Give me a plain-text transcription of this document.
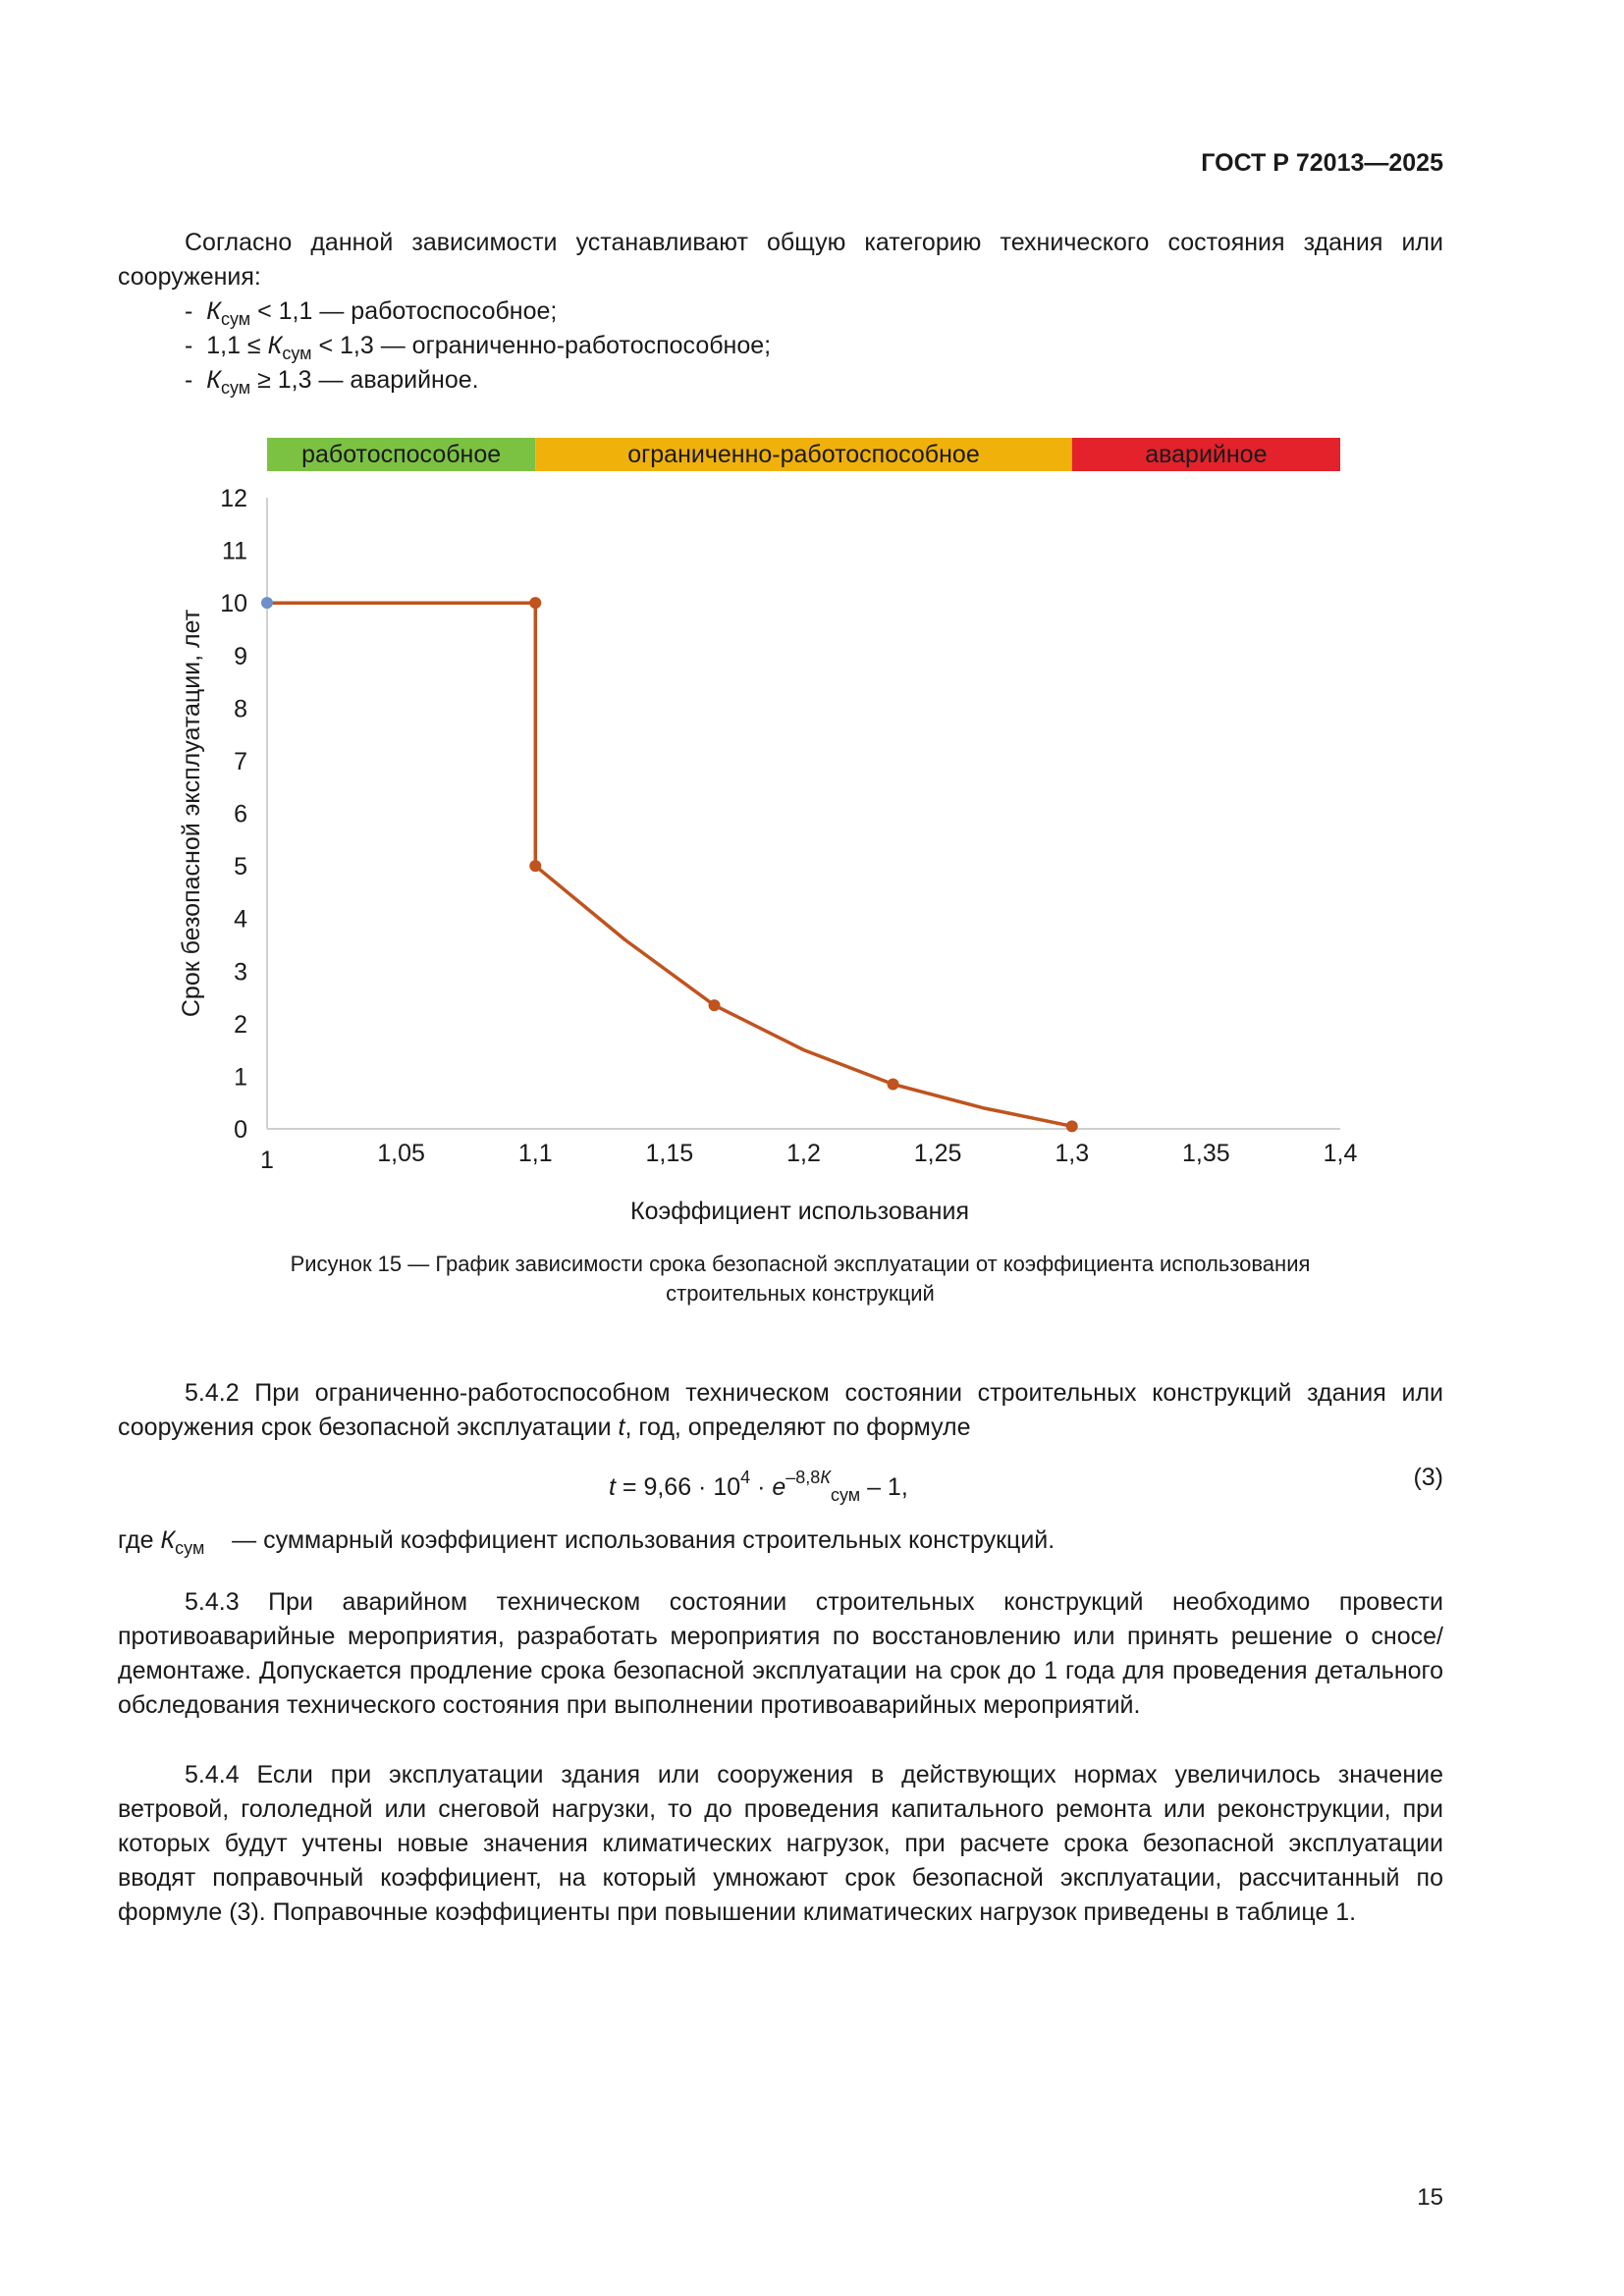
ГОСТ Р 72013—2025
Согласно данной зависимости устанавливают общую категорию технического состояния здания или сооружения:
- $К_{сум} < 1,1$ — работоспособное;
- $1,1 \le К_{сум} < 1,3$ — ограниченно-работоспособное;
- $К_{сум} \ge 1,3$ — аварийное.
работоспособное	ограниченно-работоспособное	аварийное
0
1
2
3
4
5
6
7
8
9
10
11
12
1	1,05	1,1	1,15	1,2	1,25	1,3	1,35	1,4
Коэффициент использования
Срок безопасной эксплуатации, лет
Рисунок 15 — График зависимости срока безопасной эксплуатации от коэффициента использования
строительных конструкций
5.4.2 При ограниченно-работоспособном техническом состоянии строительных конструкций здания или сооружения срок безопасной эксплуатации t, год, определяют по формуле
$t = 9,66 \cdot 10^4 \cdot e^{-8,8К}_{сум} - 1$,	(3)
где $К_{сум}$    — суммарный коэффициент использования строительных конструкций.
5.4.3 При аварийном техническом состоянии строительных конструкций необходимо провести противоаварийные мероприятия, разработать мероприятия по восстановлению или принять решение о сносе/демонтаже. Допускается продление срока безопасной эксплуатации на срок до 1 года для проведения детального обследования технического состояния при выполнении противоаварийных мероприятий.
5.4.4 Если при эксплуатации здания или сооружения в действующих нормах увеличилось значение ветровой, гололедной или снеговой нагрузки, то до проведения капитального ремонта или реконструкции, при которых будут учтены новые значения климатических нагрузок, при расчете срока безопасной эксплуатации вводят поправочный коэффициент, на который умножают срок безопасной эксплуатации, рассчитанный по формуле (3). Поправочные коэффициенты при повышении климатических нагрузок приведены в таблице 1.
15
